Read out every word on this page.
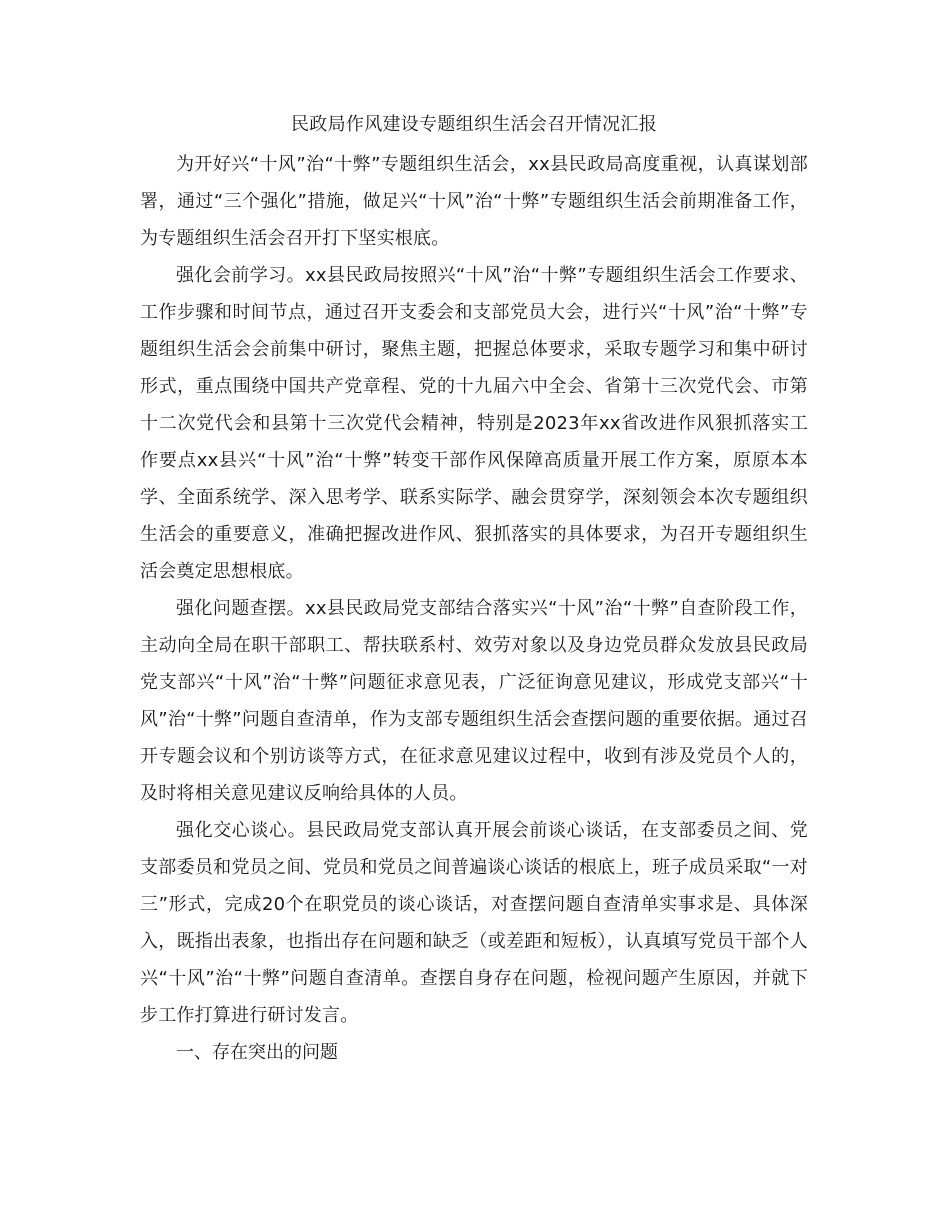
民政局作风建设专题组织生活会召开情况汇报

为开好兴“十风”治“十弊”专题组织生活会，xx县民政局高度重视，认真谋划部署，通过“三个强化”措施，做足兴“十风”治“十弊”专题组织生活会前期准备工作，为专题组织生活会召开打下坚实根底。

强化会前学习。xx县民政局按照兴“十风”治“十弊”专题组织生活会工作要求、工作步骤和时间节点，通过召开支委会和支部党员大会，进行兴“十风”治“十弊”专题组织生活会会前集中研讨，聚焦主题，把握总体要求，采取专题学习和集中研讨形式，重点围绕中国共产党章程、党的十九届六中全会、省第十三次党代会、市第十二次党代会和县第十三次党代会精神，特别是2023年xx省改进作风狠抓落实工作要点xx县兴“十风”治“十弊”转变干部作风保障高质量开展工作方案，原原本本学、全面系统学、深入思考学、联系实际学、融会贯穿学，深刻领会本次专题组织生活会的重要意义，准确把握改进作风、狠抓落实的具体要求，为召开专题组织生活会奠定思想根底。

强化问题查摆。xx县民政局党支部结合落实兴“十风”治“十弊”自查阶段工作，主动向全局在职干部职工、帮扶联系村、效劳对象以及身边党员群众发放县民政局党支部兴“十风”治“十弊”问题征求意见表，广泛征询意见建议，形成党支部兴“十风”治“十弊”问题自查清单，作为支部专题组织生活会查摆问题的重要依据。通过召开专题会议和个别访谈等方式，在征求意见建议过程中，收到有涉及党员个人的，及时将相关意见建议反响给具体的人员。

强化交心谈心。县民政局党支部认真开展会前谈心谈话，在支部委员之间、党支部委员和党员之间、党员和党员之间普遍谈心谈话的根底上，班子成员采取“一对三”形式，完成20个在职党员的谈心谈话，对查摆问题自查清单实事求是、具体深入，既指出表象，也指出存在问题和缺乏（或差距和短板），认真填写党员干部个人兴“十风”治“十弊”问题自查清单。查摆自身存在问题，检视问题产生原因，并就下步工作打算进行研讨发言。

一、存在突出的问题
